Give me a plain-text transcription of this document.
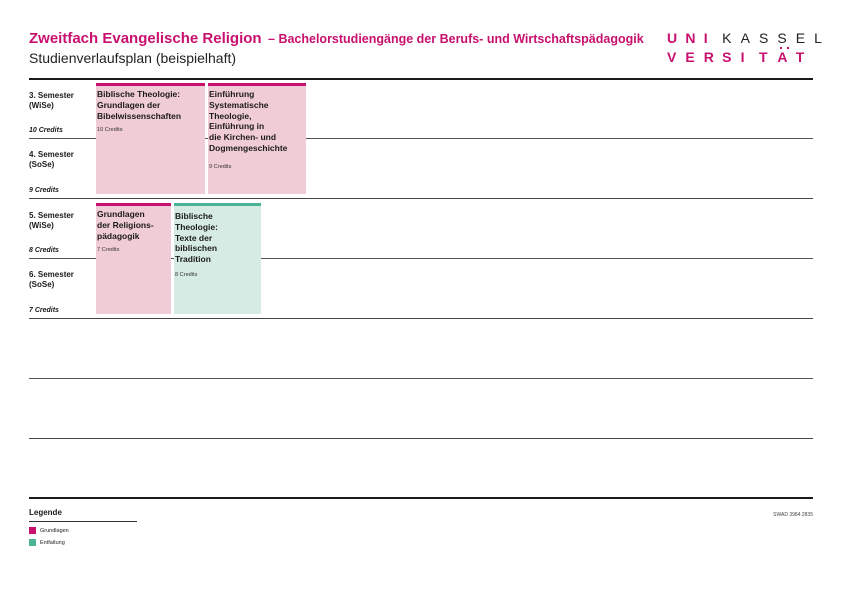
Zweitfach Evangelische Religion – Bachelorstudiengänge der Berufs- und Wirtschaftspädagogik
Studienverlaufsplan (beispielhaft)
U N I K A S S E L
V E R S I T A T
3. Semester
(WiSe)
10 Credits
4. Semester
(SoSe)
9 Credits
5. Semester
(WiSe)
8 Credits
6. Semester
(SoSe)
7 Credits
Biblische Theologie:
Grundlagen der
Bibelwissenschaften
10 Credits
Einführung
Systematische
Theologie,
Einführung in
die Kirchen- und
Dogmengeschichte
9 Credits
Grundlagen
der Religions-
pädagogik
7 Credits
Biblische
Theologie:
Texte der
biblischen
Tradition
8 Credits
Legende
Grundlagen
Entfaltung
SWAD 3984 2835
